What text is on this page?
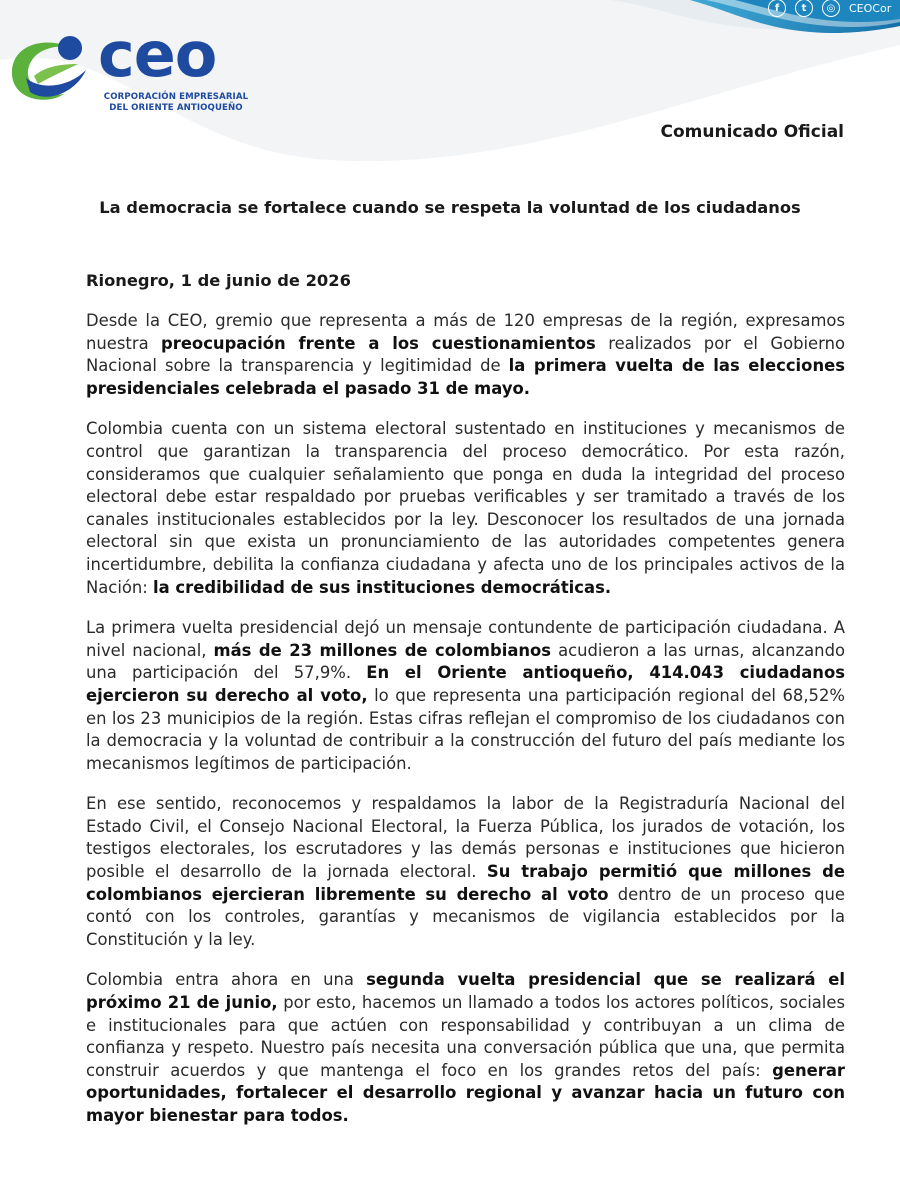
ceo
CORPORACIÓN EMPRESARIAL
DEL ORIENTE ANTIOQUEÑO
f	t	◎	CEOCor
Comunicado Oficial
La democracia se fortalece cuando se respeta la voluntad de los ciudadanos
Rionegro, 1 de junio de 2026

Desde la CEO, gremio que representa a más de 120 empresas de la región, expresamos nuestra preocupación frente a los cuestionamientos realizados por el Gobierno Nacional sobre la transparencia y legitimidad de la primera vuelta de las elecciones presidenciales celebrada el pasado 31 de mayo.

Colombia cuenta con un sistema electoral sustentado en instituciones y mecanismos de control que garantizan la transparencia del proceso democrático. Por esta razón, consideramos que cualquier señalamiento que ponga en duda la integridad del proceso electoral debe estar respaldado por pruebas verificables y ser tramitado a través de los canales institucionales establecidos por la ley. Desconocer los resultados de una jornada electoral sin que exista un pronunciamiento de las autoridades competentes genera incertidumbre, debilita la confianza ciudadana y afecta uno de los principales activos de la Nación: la credibilidad de sus instituciones democráticas.

La primera vuelta presidencial dejó un mensaje contundente de participación ciudadana. A nivel nacional, más de 23 millones de colombianos acudieron a las urnas, alcanzando una participación del 57,9%. En el Oriente antioqueño, 414.043 ciudadanos ejercieron su derecho al voto, lo que representa una participación regional del 68,52% en los 23 municipios de la región. Estas cifras reflejan el compromiso de los ciudadanos con la democracia y la voluntad de contribuir a la construcción del futuro del país mediante los mecanismos legítimos de participación.

En ese sentido, reconocemos y respaldamos la labor de la Registraduría Nacional del Estado Civil, el Consejo Nacional Electoral, la Fuerza Pública, los jurados de votación, los testigos electorales, los escrutadores y las demás personas e instituciones que hicieron posible el desarrollo de la jornada electoral. Su trabajo permitió que millones de colombianos ejercieran libremente su derecho al voto dentro de un proceso que contó con los controles, garantías y mecanismos de vigilancia establecidos por la Constitución y la ley.

Colombia entra ahora en una segunda vuelta presidencial que se realizará el próximo 21 de junio, por esto, hacemos un llamado a todos los actores políticos, sociales e institucionales para que actúen con responsabilidad y contribuyan a un clima de confianza y respeto. Nuestro país necesita una conversación pública que una, que permita construir acuerdos y que mantenga el foco en los grandes retos del país: generar oportunidades, fortalecer el desarrollo regional y avanzar hacia un futuro con mayor bienestar para todos.
